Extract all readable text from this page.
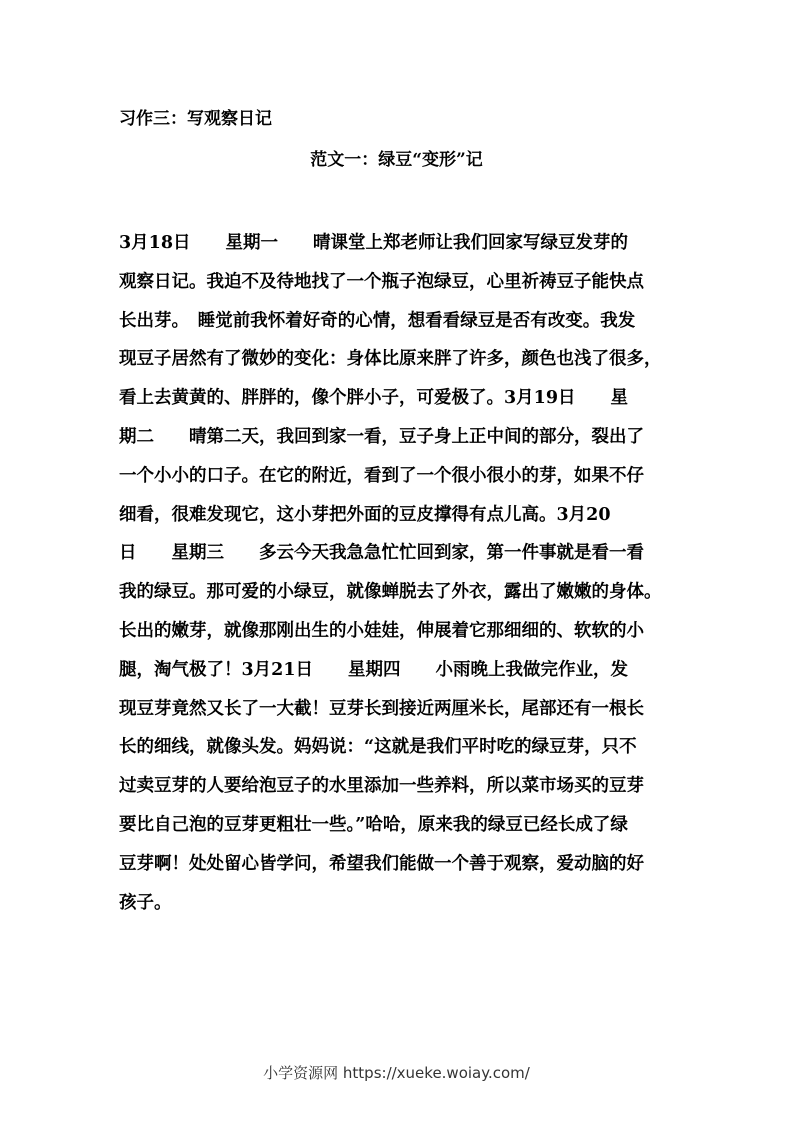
习作三：写观察日记
范文一：绿豆“变形”记
3月18日　　星期一　　晴课堂上郑老师让我们回家写绿豆发芽的
观察日记。我迫不及待地找了一个瓶子泡绿豆，心里祈祷豆子能快点
长出芽。　睡觉前我怀着好奇的心情，想看看绿豆是否有改变。我发
现豆子居然有了微妙的变化：身体比原来胖了许多，颜色也浅了很多，
看上去黄黄的、胖胖的，像个胖小子，可爱极了。3月19日　　星
期二　　晴第二天，我回到家一看，豆子身上正中间的部分，裂出了
一个小小的口子。在它的附近，看到了一个很小很小的芽，如果不仔
细看，很难发现它，这小芽把外面的豆皮撑得有点儿高。3月20
日　　星期三　　多云今天我急急忙忙回到家，第一件事就是看一看
我的绿豆。那可爱的小绿豆，就像蝉脱去了外衣，露出了嫩嫩的身体。
长出的嫩芽，就像那刚出生的小娃娃，伸展着它那细细的、软软的小
腿，淘气极了！3月21日　　星期四　　小雨晚上我做完作业，发
现豆芽竟然又长了一大截！豆芽长到接近两厘米长，尾部还有一根长
长的细线，就像头发。妈妈说：“这就是我们平时吃的绿豆芽，只不
过卖豆芽的人要给泡豆子的水里添加一些养料，所以菜市场买的豆芽
要比自己泡的豆芽更粗壮一些。”哈哈，原来我的绿豆已经长成了绿
豆芽啊！处处留心皆学问，希望我们能做一个善于观察，爱动脑的好
孩子。
小学资源网 https://xueke.woiay.com/
